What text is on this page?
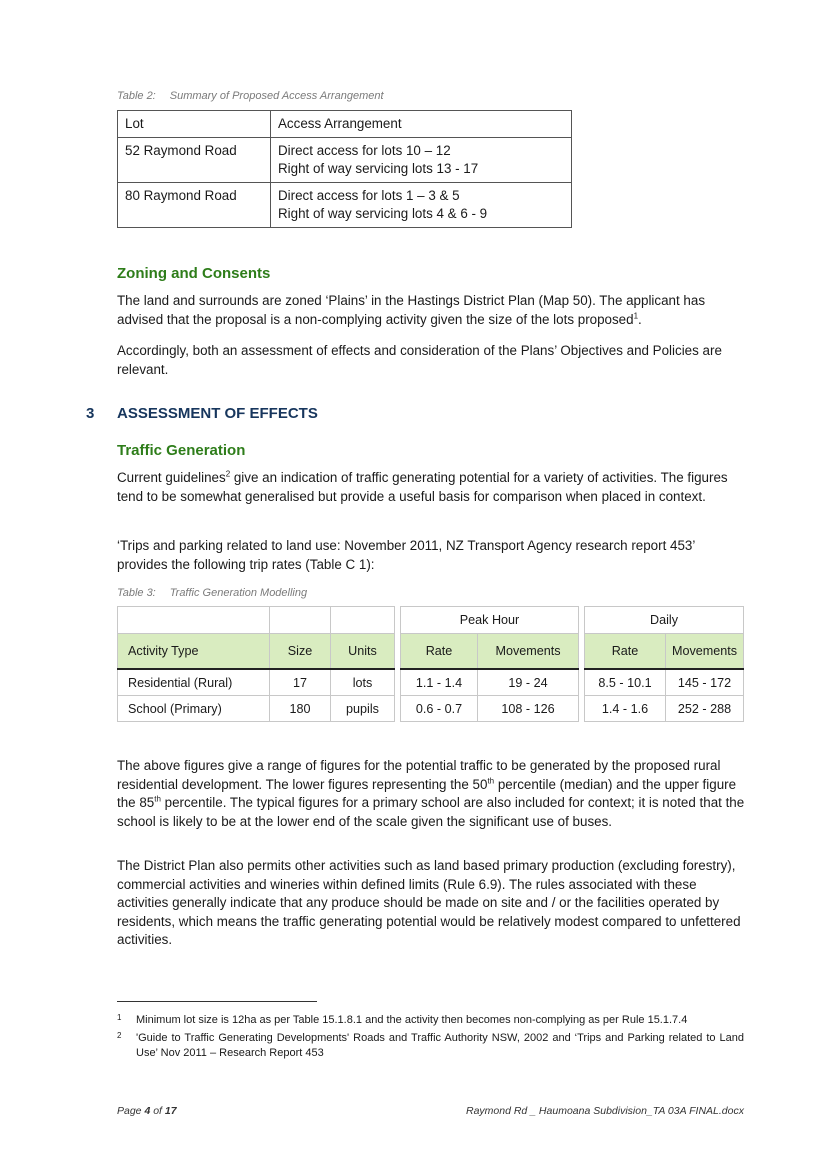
Table 2: Summary of Proposed Access Arrangement
Lot	Access Arrangement
52 Raymond Road	Direct access for lots 10 – 12
Right of way servicing lots 13 - 17

80 Raymond Road	Direct access for lots 1 – 3 & 5
Right of way servicing lots 4 & 6 - 9
Zoning and Consents

The land and surrounds are zoned ‘Plains’ in the Hastings District Plan (Map 50). The applicant has advised that the proposal is a non-complying activity given the size of the lots proposed$^1$.

Accordingly, both an assessment of effects and consideration of the Plans’ Objectives and Policies are relevant.

3 ASSESSMENT OF EFFECTS
Traffic Generation

Current guidelines$^2$ give an indication of traffic generating potential for a variety of activities. The figures tend to be somewhat generalised but provide a useful basis for comparison when placed in context.

‘Trips and parking related to land use: November 2011, NZ Transport Agency research report 453’ provides the following trip rates (Table C 1):

Table 3: Traffic Generation Modelling
				Peak Hour			Daily	
Activity Type	Size	Units		Rate	Movements		Rate	Movements
Residential (Rural)	17	lots		1.1 - 1.4	19 - 24		8.5 - 10.1	145 - 172
School (Primary)	180	pupils		0.6 - 0.7	108 - 126		1.4 - 1.6	252 - 288

The above figures give a range of figures for the potential traffic to be generated by the proposed rural residential development. The lower figures representing the 50th percentile (median) and the upper figure the 85th percentile. The typical figures for a primary school are also included for context; it is noted that the school is likely to be at the lower end of the scale given the significant use of buses.

The District Plan also permits other activities such as land based primary production (excluding forestry), commercial activities and wineries within defined limits (Rule 6.9). The rules associated with these activities generally indicate that any produce should be made on site and / or the facilities operated by residents, which means the traffic generating potential would be relatively modest compared to unfettered activities.

1 Minimum lot size is 12ha as per Table 15.1.8.1 and the activity then becomes non-complying as per Rule 15.1.7.4
2 'Guide to Traffic Generating Developments' Roads and Traffic Authority NSW, 2002 and ‘Trips and Parking related to Land Use’ Nov 2011 – Research Report 453
Page 4 of 17	Raymond Rd _ Haumoana Subdivision_TA 03A FINAL.docx
